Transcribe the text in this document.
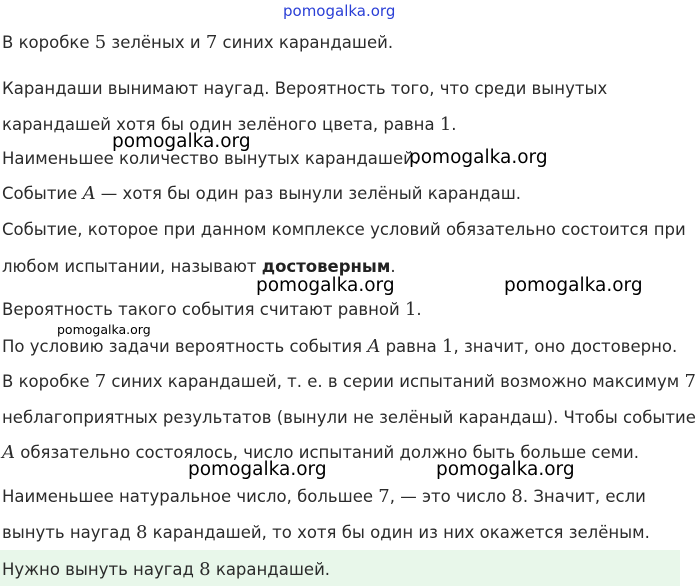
pomogalka.org
В коробке 5 зелёных и 7 синих карандашей.
Карандаши вынимают наугад. Вероятность того, что среди вынутых
карандашей хотя бы один зелёного цвета, равна 1.
pomogalka.org
Наименьшее количество вынутых карандашей.
pomogalka.org
Событие A — хотя бы один раз вынули зелёный карандаш.
Событие, которое при данном комплексе условий обязательно состоится при
любом испытании, называют достоверным.
pomogalka.org	pomogalka.org
Вероятность такого события считают равной 1.
pomogalka.org
По условию задачи вероятность события A равна 1, значит, оно достоверно.
В коробке 7 синих карандашей, т. е. в серии испытаний возможно максимум 7
неблагоприятных результатов (вынули не зелёный карандаш). Чтобы событие
A обязательно состоялось, число испытаний должно быть больше семи.
pomogalka.org	pomogalka.org
Наименьшее натуральное число, большее 7, — это число 8. Значит, если
вынуть наугад 8 карандашей, то хотя бы один из них окажется зелёным.
Нужно вынуть наугад 8 карандашей.
